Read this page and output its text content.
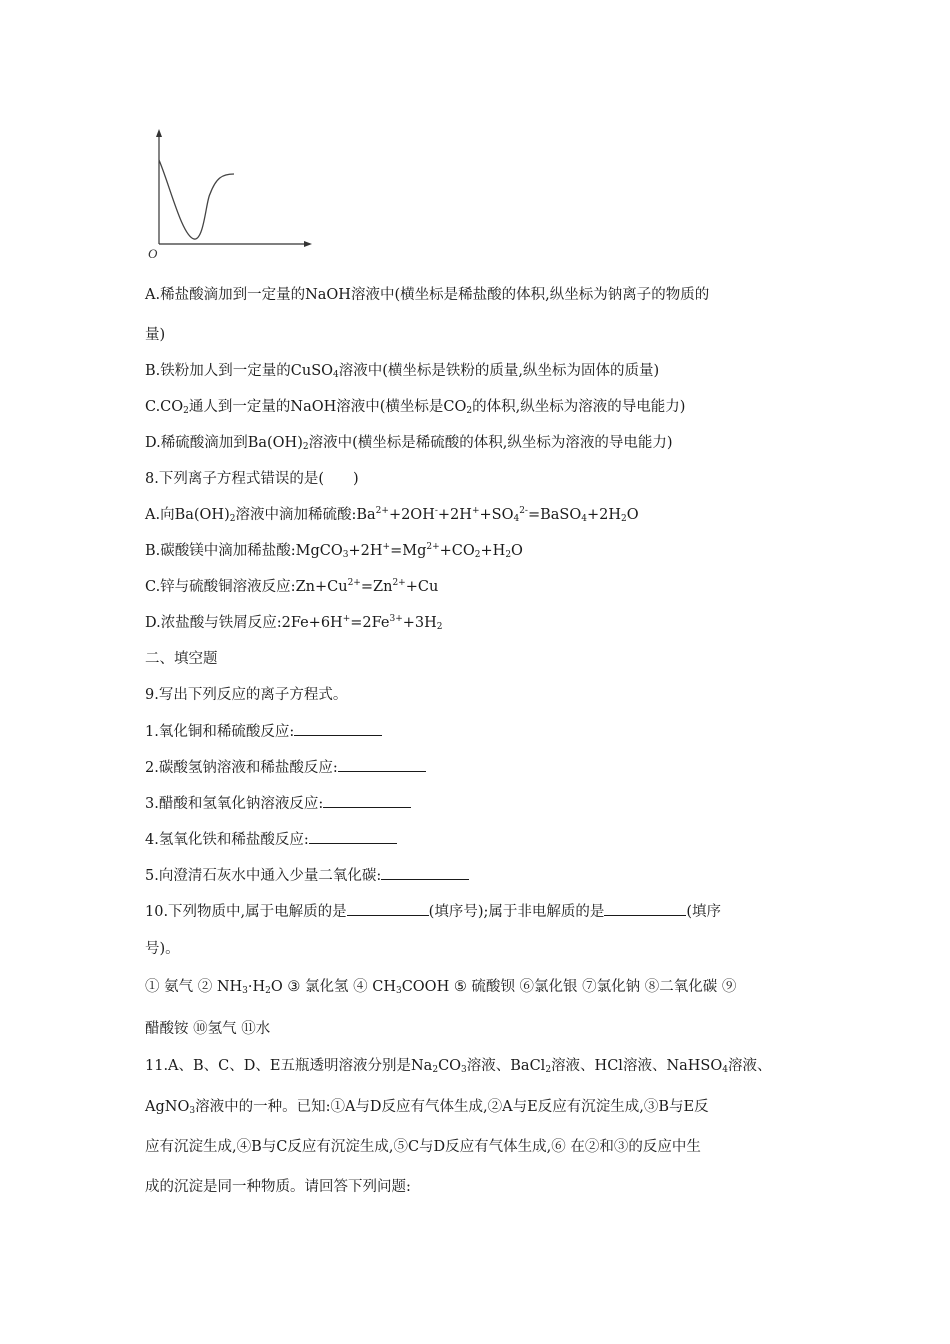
O
A.稀盐酸滴加到一定量的NaOH溶液中(横坐标是稀盐酸的体积,纵坐标为钠离子的物质的
量)
B.铁粉加人到一定量的CuSO$_4$溶液中(横坐标是铁粉的质量,纵坐标为固体的质量)
$C.CO_2$通人到一定量的NaOH溶液中(横坐标是$CO_2$的体积,纵坐标为溶液的导电能力)
D.稀硫酸滴加到$Ba(OH)_2$溶液中(横坐标是稀硫酸的体积,纵坐标为溶液的导电能力)
8.下列离子方程式错误的是(　　)
A.向$Ba(OH)_2$溶液中滴加稀硫酸$:Ba^{2+}+2OH^-+2H^++SO_4^{2-}=BaSO_4+2H_2O$
B.碳酸镁中滴加稀盐酸$:MgCO_3+2H^+=Mg^{2+}+CO_2+H_2O$
C.锌与硫酸铜溶液反应$:Zn+Cu^{2+}=Zn^{2+}+Cu$
D.浓盐酸与铁屑反应$:2Fe+6H^+=2Fe^{3+}+3H_2$
二、填空题
9.写出下列反应的离子方程式。
1.氧化铜和稀硫酸反应:
2.碳酸氢钠溶液和稀盐酸反应:
3.醋酸和氢氧化钠溶液反应:
4.氢氧化铁和稀盐酸反应:
5.向澄清石灰水中通入少量二氧化碳:
10.下列物质中,属于电解质的是	(填序号);属于非电解质的是	(填序
号)。
① 氨气 ② $NH_3\cdot H_2O$ ③ 氯化氢 ④ $CH_3COOH$ ⑤ 硫酸钡 ⑥氯化银 ⑦氯化钠 ⑧二氧化碳 ⑨
醋酸铵 ⑩氢气 ⑪水
11.A、B、C、D、E五瓶透明溶液分别是$Na_2CO_3$溶液、BaCl$_2$溶液、HCl溶液、NaHSO$_4$溶液、
AgNO$_3$溶液中的一种。已知:①A与D反应有气体生成,②A与E反应有沉淀生成,③B与E反
应有沉淀生成,④B与C反应有沉淀生成,⑤C与D反应有气体生成,⑥ 在②和③的反应中生
成的沉淀是同一种物质。请回答下列问题:
